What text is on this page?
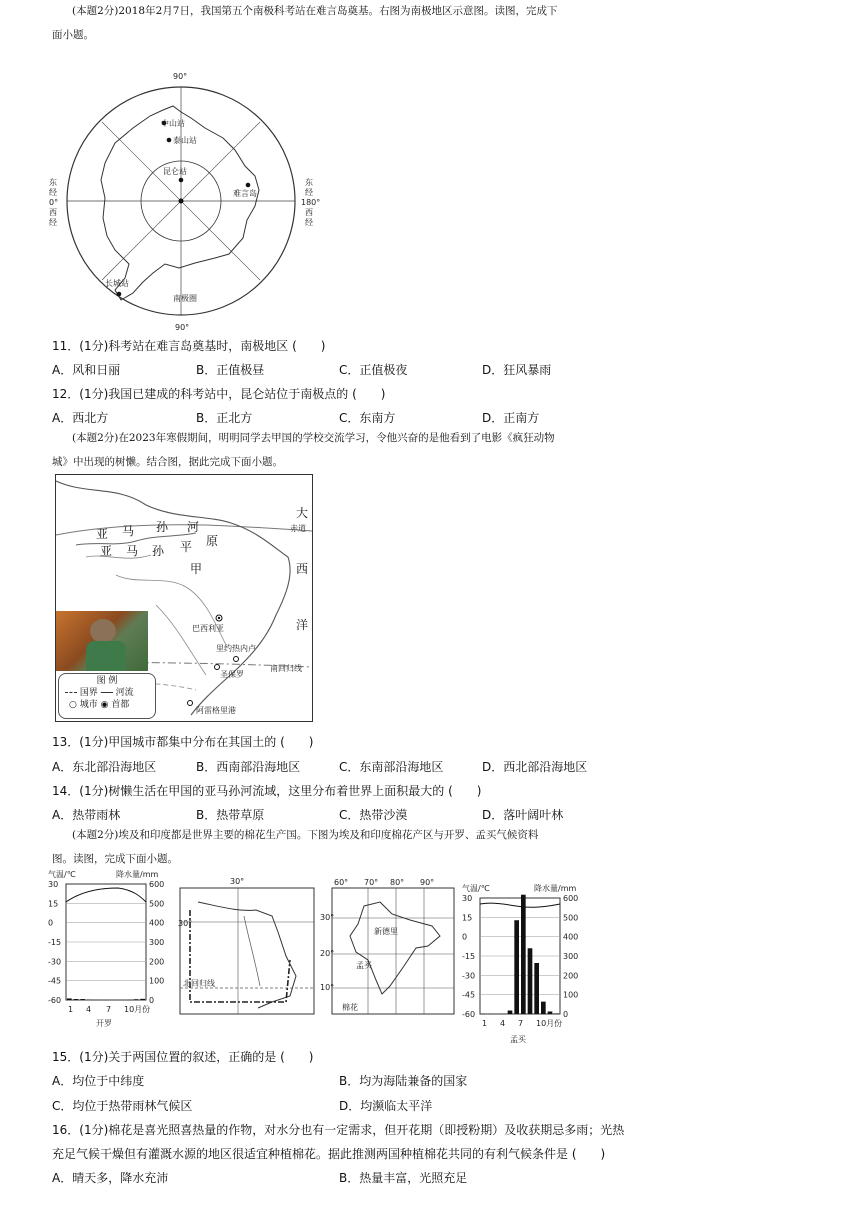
(本题2分)2018年2月7日，我国第五个南极科考站在难言岛奠基。右图为南极地区示意图。读图，完成下
面小题。
90°
90°
东
经
0°
西
经
东
经
180°
西
经
中山站
泰山站
昆仑站
难言岛
长城站
南极圈
11．(1分)科考站在难言岛奠基时，南极地区 (　　)
A．风和日丽	B．正值极昼	C．正值极夜	D．狂风暴雨
12．(1分)我国已建成的科考站中，昆仑站位于南极点的 (　　)
A．西北方	B．正北方	C．东南方	D．正南方
(本题2分)在2023年寒假期间，明明同学去甲国的学校交流学习，令他兴奋的是他看到了电影《疯狂动物
城》中出现的树懒。结合图，据此完成下面小题。
亚 马 孙 河
亚 马 孙 平 原
甲
大
赤道
西
洋
巴西利亚
里约热内卢
圣保罗
南回归线
阿雷格里港
图 例
国界 河流
○ 城市 ◉ 首都
13．(1分)甲国城市都集中分布在其国土的 (　　)
A．东北部沿海地区	B．西南部沿海地区	C．东南部沿海地区	D．西北部沿海地区
14．(1分)树懒生活在甲国的亚马孙河流域，这里分布着世界上面积最大的 (　　)
A．热带雨林	B．热带草原	C．热带沙漠	D．落叶阔叶林
(本题2分)埃及和印度都是世界主要的棉花生产国。下图为埃及和印度棉花产区与开罗、孟买气候资料
图。读图，完成下面小题。
气温/℃	降水量/mm
30	600
15	500
0	400
-15	300
-30	200
-45	100
-60	0
1 4 7 10月份
开罗
30°
30°
北回归线
60° 70° 80° 90°
30°
20°
10°
新德里
孟买
棉花
气温/℃	降水量/mm
30	600
15	500
0	400
-15	300
-30	200
-45	100
-60	0
1 4 7 10月份
孟买
15．(1分)关于两国位置的叙述，正确的是 (　　)
A．均位于中纬度	B．均为海陆兼备的国家
C．均位于热带雨林气候区	D．均濒临太平洋
16．(1分)棉花是喜光照喜热量的作物，对水分也有一定需求，但开花期（即授粉期）及收获期忌多雨；光热
充足气候干燥但有灌溉水源的地区很适宜种植棉花。据此推测两国种植棉花共同的有利气候条件是 (　　)
A．晴天多，降水充沛	B．热量丰富，光照充足
